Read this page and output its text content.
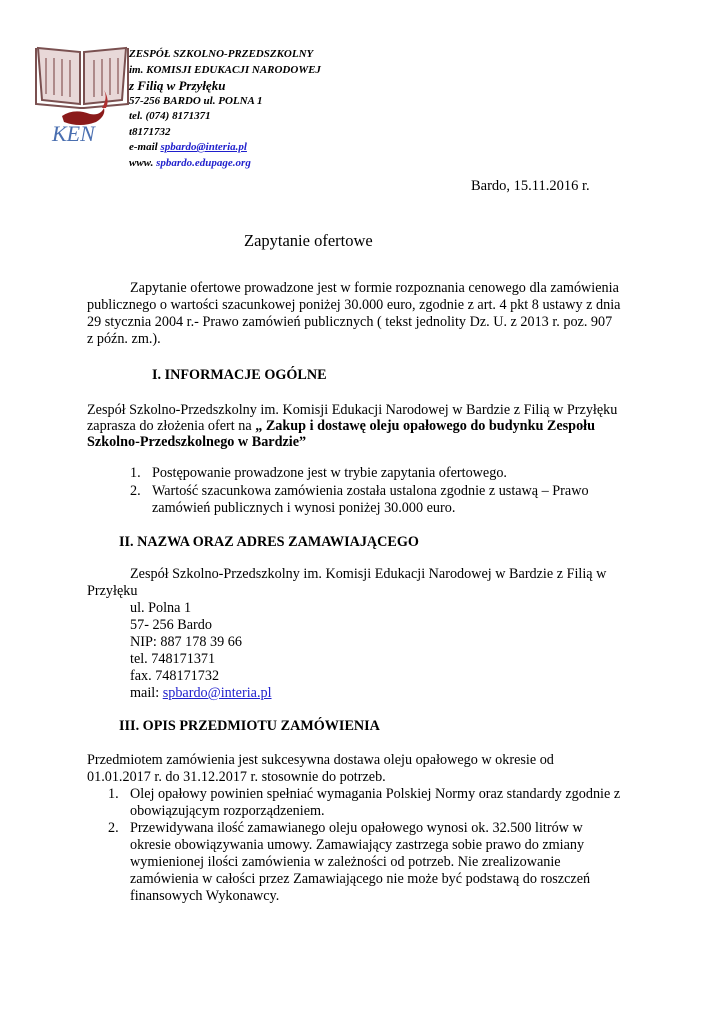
KEN
ZESPÓŁ SZKOLNO-PRZEDSZKOLNY
im. KOMISJI EDUKACJI NARODOWEJ
z Filią w Przyłęku
57-256 BARDO ul. POLNA 1
tel. (074) 8171371
t8171732
e-mail spbardo@interia.pl
www. spbardo.edupage.org
Bardo, 15.11.2016 r.
Zapytanie ofertowe
Zapytanie ofertowe prowadzone jest w formie rozpoznania cenowego dla zamówienia
publicznego o wartości szacunkowej poniżej 30.000 euro, zgodnie z art. 4 pkt 8 ustawy z dnia
29 stycznia 2004 r.- Prawo zamówień publicznych ( tekst jednolity Dz. U. z 2013 r. poz. 907
z późn. zm.).
I. INFORMACJE OGÓLNE
Zespół Szkolno-Przedszkolny im. Komisji Edukacji Narodowej w Bardzie z Filią w Przyłęku
zaprasza do złożenia ofert na „ Zakup i dostawę oleju opałowego do budynku Zespołu
Szkolno-Przedszkolnego w Bardzie”
1. Postępowanie prowadzone jest w trybie zapytania ofertowego.
2. Wartość szacunkowa zamówienia została ustalona zgodnie z ustawą – Prawo
zamówień publicznych i wynosi poniżej 30.000 euro.
II. NAZWA ORAZ ADRES ZAMAWIAJĄCEGO
Zespół Szkolno-Przedszkolny im. Komisji Edukacji Narodowej w Bardzie z Filią w
Przyłęku
ul. Polna 1
57- 256 Bardo
NIP: 887 178 39 66
tel. 748171371
fax. 748171732
mail: spbardo@interia.pl
III. OPIS PRZEDMIOTU ZAMÓWIENIA
Przedmiotem zamówienia jest sukcesywna dostawa oleju opałowego w okresie od
01.01.2017 r. do 31.12.2017 r. stosownie do potrzeb.
1. Olej opałowy powinien spełniać wymagania Polskiej Normy oraz standardy zgodnie z
obowiązującym rozporządzeniem.
2. Przewidywana ilość zamawianego oleju opałowego wynosi ok. 32.500 litrów w
okresie obowiązywania umowy. Zamawiający zastrzega sobie prawo do zmiany
wymienionej ilości zamówienia w zależności od potrzeb. Nie zrealizowanie
zamówienia w całości przez Zamawiającego nie może być podstawą do roszczeń
finansowych Wykonawcy.
